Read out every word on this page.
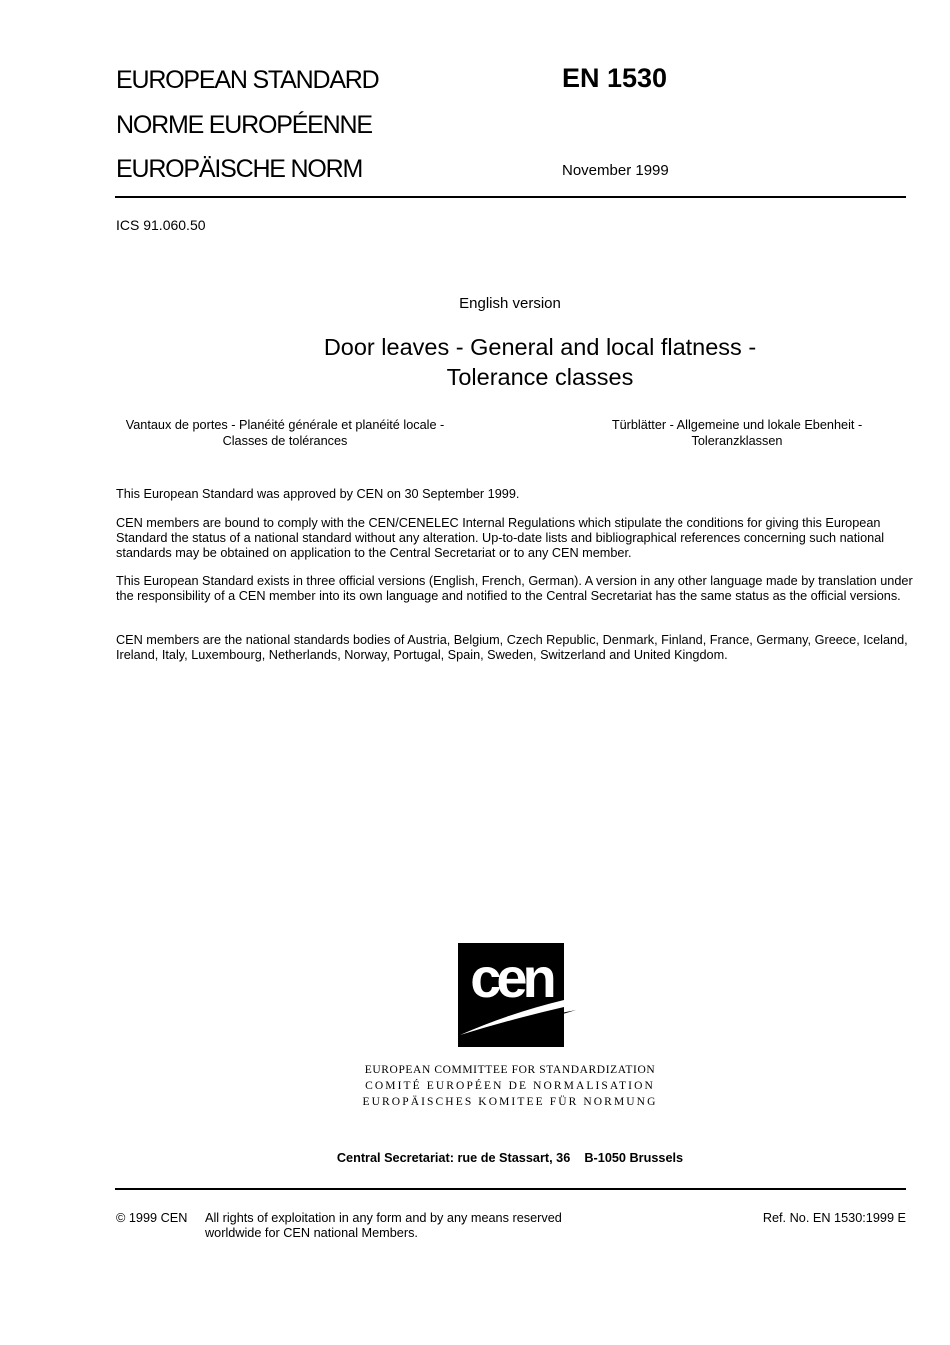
EUROPEAN STANDARD
NORME EUROPÉENNE
EUROPÄISCHE NORM
EN 1530
November 1999
ICS 91.060.50
English version
Door leaves - General and local flatness -
Tolerance classes
Vantaux de portes - Planéité générale et planéité locale -
Classes de tolérances
Türblätter - Allgemeine und lokale Ebenheit -
Toleranzklassen

This European Standard was approved by CEN on 30 September 1999.

CEN members are bound to comply with the CEN/CENELEC Internal Regulations which stipulate the conditions for giving this European Standard the status of a national standard without any alteration. Up-to-date lists and bibliographical references concerning such national standards may be obtained on application to the Central Secretariat or to any CEN member.

This European Standard exists in three official versions (English, French, German). A version in any other language made by translation under the responsibility of a CEN member into its own language and notified to the Central Secretariat has the same status as the official versions.

CEN members are the national standards bodies of Austria, Belgium, Czech Republic, Denmark, Finland, France, Germany, Greece, Iceland, Ireland, Italy, Luxembourg, Netherlands, Norway, Portugal, Spain, Sweden, Switzerland and United Kingdom.

cen
EUROPEAN COMMITTEE FOR STANDARDIZATION
COMITÉ EUROPÉEN DE NORMALISATION
EUROPÄISCHES KOMITEE FÜR NORMUNG
Central Secretariat: rue de Stassart, 36    B-1050 Brussels
© 1999 CEN All rights of exploitation in any form and by any means reserved
worldwide for CEN national Members.
Ref. No. EN 1530:1999 E
